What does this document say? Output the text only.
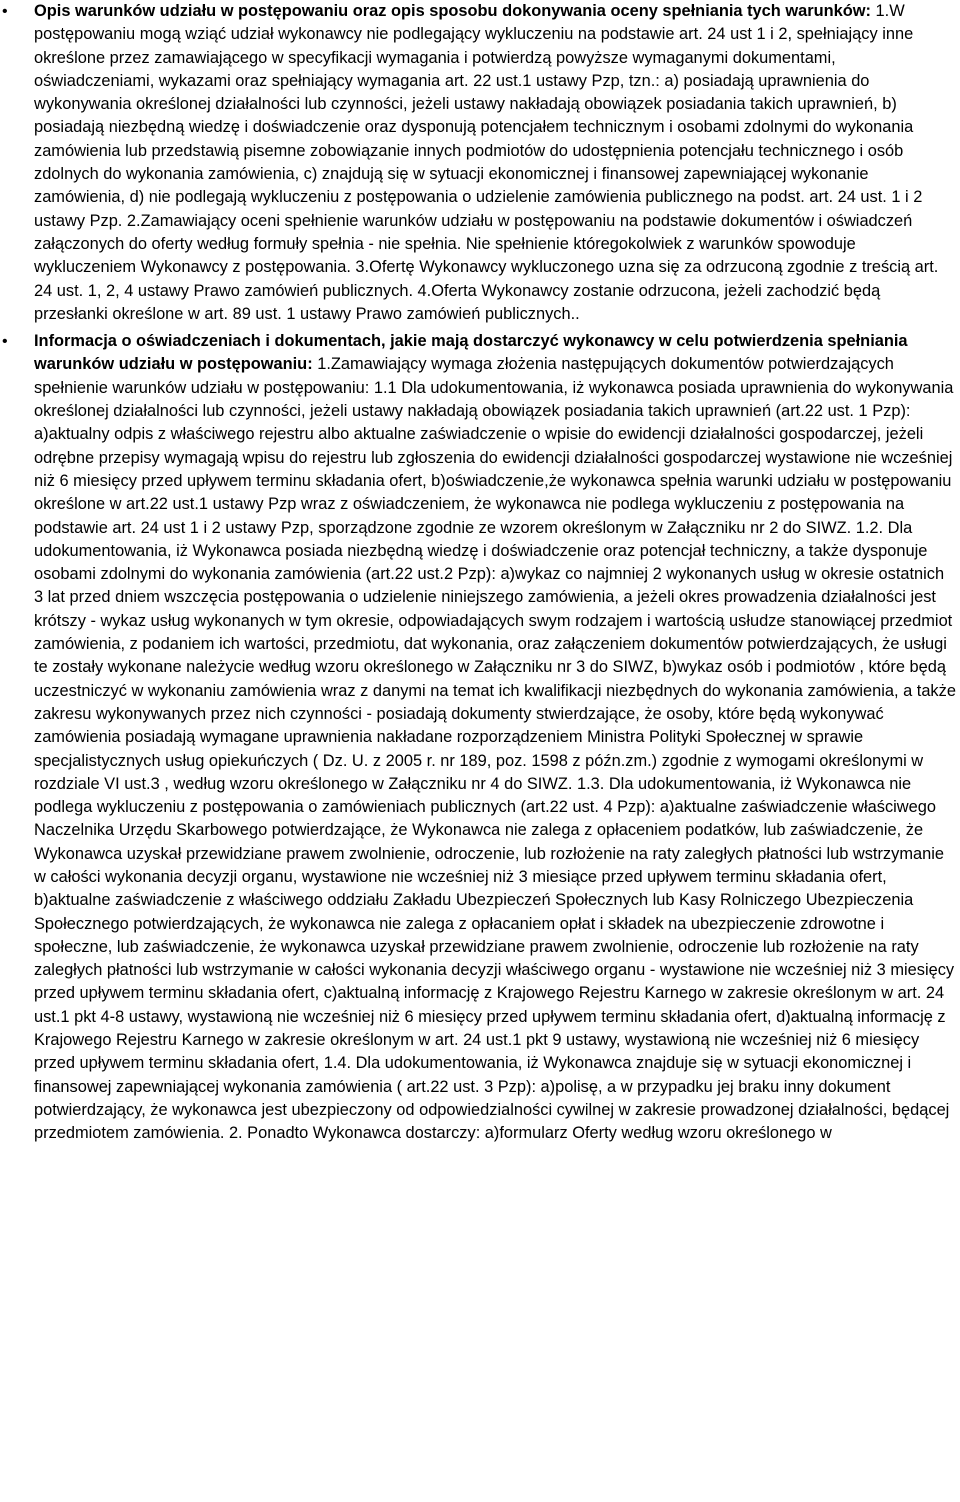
• Opis warunków udziału w postępowaniu oraz opis sposobu dokonywania oceny spełniania tych warunków: 1.W postępowaniu mogą wziąć udział wykonawcy nie podlegający wykluczeniu na podstawie art. 24 ust 1 i 2, spełniający inne określone przez zamawiającego w specyfikacji wymagania i potwierdzą powyższe wymaganymi dokumentami, oświadczeniami, wykazami oraz spełniający wymagania art. 22 ust.1 ustawy Pzp, tzn.: a) posiadają uprawnienia do wykonywania określonej działalności lub czynności, jeżeli ustawy nakładają obowiązek posiadania takich uprawnień, b) posiadają niezbędną wiedzę i doświadczenie oraz dysponują potencjałem technicznym i osobami zdolnymi do wykonania zamówienia lub przedstawią pisemne zobowiązanie innych podmiotów do udostępnienia potencjału technicznego i osób zdolnych do wykonania zamówienia, c) znajdują się w sytuacji ekonomicznej i finansowej zapewniającej wykonanie zamówienia, d) nie podlegają wykluczeniu z postępowania o udzielenie zamówienia publicznego na podst. art. 24 ust. 1 i 2 ustawy Pzp. 2.Zamawiający oceni spełnienie warunków udziału w postępowaniu na podstawie dokumentów i oświadczeń załączonych do oferty według formuły spełnia - nie spełnia. Nie spełnienie któregokolwiek z warunków spowoduje wykluczeniem Wykonawcy z postępowania. 3.Ofertę Wykonawcy wykluczonego uzna się za odrzuconą zgodnie z treścią art. 24 ust. 1, 2, 4 ustawy Prawo zamówień publicznych. 4.Oferta Wykonawcy zostanie odrzucona, jeżeli zachodzić będą przesłanki określone w art. 89 ust. 1 ustawy Prawo zamówień publicznych..
• Informacja o oświadczeniach i dokumentach, jakie mają dostarczyć wykonawcy w celu potwierdzenia spełniania warunków udziału w postępowaniu: 1.Zamawiający wymaga złożenia następujących dokumentów potwierdzających spełnienie warunków udziału w postępowaniu: 1.1 Dla udokumentowania, iż wykonawca posiada uprawnienia do wykonywania określonej działalności lub czynności, jeżeli ustawy nakładają obowiązek posiadania takich uprawnień (art.22 ust. 1 Pzp): a)aktualny odpis z właściwego rejestru albo aktualne zaświadczenie o wpisie do ewidencji działalności gospodarczej, jeżeli odrębne przepisy wymagają wpisu do rejestru lub zgłoszenia do ewidencji działalności gospodarczej wystawione nie wcześniej niż 6 miesięcy przed upływem terminu składania ofert, b)oświadczenie,że wykonawca spełnia warunki udziału w postępowaniu określone w art.22 ust.1 ustawy Pzp wraz z oświadczeniem, że wykonawca nie podlega wykluczeniu z postępowania na podstawie art. 24 ust 1 i 2 ustawy Pzp, sporządzone zgodnie ze wzorem określonym w Załączniku nr 2 do SIWZ. 1.2. Dla udokumentowania, iż Wykonawca posiada niezbędną wiedzę i doświadczenie oraz potencjał techniczny, a także dysponuje osobami zdolnymi do wykonania zamówienia (art.22 ust.2 Pzp): a)wykaz co najmniej 2 wykonanych usług w okresie ostatnich 3 lat przed dniem wszczęcia postępowania o udzielenie niniejszego zamówienia, a jeżeli okres prowadzenia działalności jest krótszy - wykaz usług wykonanych w tym okresie, odpowiadających swym rodzajem i wartością usłudze stanowiącej przedmiot zamówienia, z podaniem ich wartości, przedmiotu, dat wykonania, oraz załączeniem dokumentów potwierdzających, że usługi te zostały wykonane należycie według wzoru określonego w Załączniku nr 3 do SIWZ, b)wykaz osób i podmiotów , które będą uczestniczyć w wykonaniu zamówienia wraz z danymi na temat ich kwalifikacji niezbędnych do wykonania zamówienia, a także zakresu wykonywanych przez nich czynności - posiadają dokumenty stwierdzające, że osoby, które będą wykonywać zamówienia posiadają wymagane uprawnienia nakładane rozporządzeniem Ministra Polityki Społecznej w sprawie specjalistycznych usług opiekuńczych ( Dz. U. z 2005 r. nr 189, poz. 1598 z późn.zm.) zgodnie z wymogami określonymi w rozdziale VI ust.3 , według wzoru określonego w Załączniku nr 4 do SIWZ. 1.3. Dla udokumentowania, iż Wykonawca nie podlega wykluczeniu z postępowania o zamówieniach publicznych (art.22 ust. 4 Pzp): a)aktualne zaświadczenie właściwego Naczelnika Urzędu Skarbowego potwierdzające, że Wykonawca nie zalega z opłaceniem podatków, lub zaświadczenie, że Wykonawca uzyskał przewidziane prawem zwolnienie, odroczenie, lub rozłożenie na raty zaległych płatności lub wstrzymanie w całości wykonania decyzji organu, wystawione nie wcześniej niż 3 miesiące przed upływem terminu składania ofert, b)aktualne zaświadczenie z właściwego oddziału Zakładu Ubezpieczeń Społecznych lub Kasy Rolniczego Ubezpieczenia Społecznego potwierdzających, że wykonawca nie zalega z opłacaniem opłat i składek na ubezpieczenie zdrowotne i społeczne, lub zaświadczenie, że wykonawca uzyskał przewidziane prawem zwolnienie, odroczenie lub rozłożenie na raty zaległych płatności lub wstrzymanie w całości wykonania decyzji właściwego organu - wystawione nie wcześniej niż 3 miesięcy przed upływem terminu składania ofert, c)aktualną informację z Krajowego Rejestru Karnego w zakresie określonym w art. 24 ust.1 pkt 4-8 ustawy, wystawioną nie wcześniej niż 6 miesięcy przed upływem terminu składania ofert, d)aktualną informację z Krajowego Rejestru Karnego w zakresie określonym w art. 24 ust.1 pkt 9 ustawy, wystawioną nie wcześniej niż 6 miesięcy przed upływem terminu składania ofert, 1.4. Dla udokumentowania, iż Wykonawca znajduje się w sytuacji ekonomicznej i finansowej zapewniającej wykonania zamówienia ( art.22 ust. 3 Pzp): a)polisę, a w przypadku jej braku inny dokument potwierdzający, że wykonawca jest ubezpieczony od odpowiedzialności cywilnej w zakresie prowadzonej działalności, będącej przedmiotem zamówienia. 2. Ponadto Wykonawca dostarczy: a)formularz Oferty według wzoru określonego w
